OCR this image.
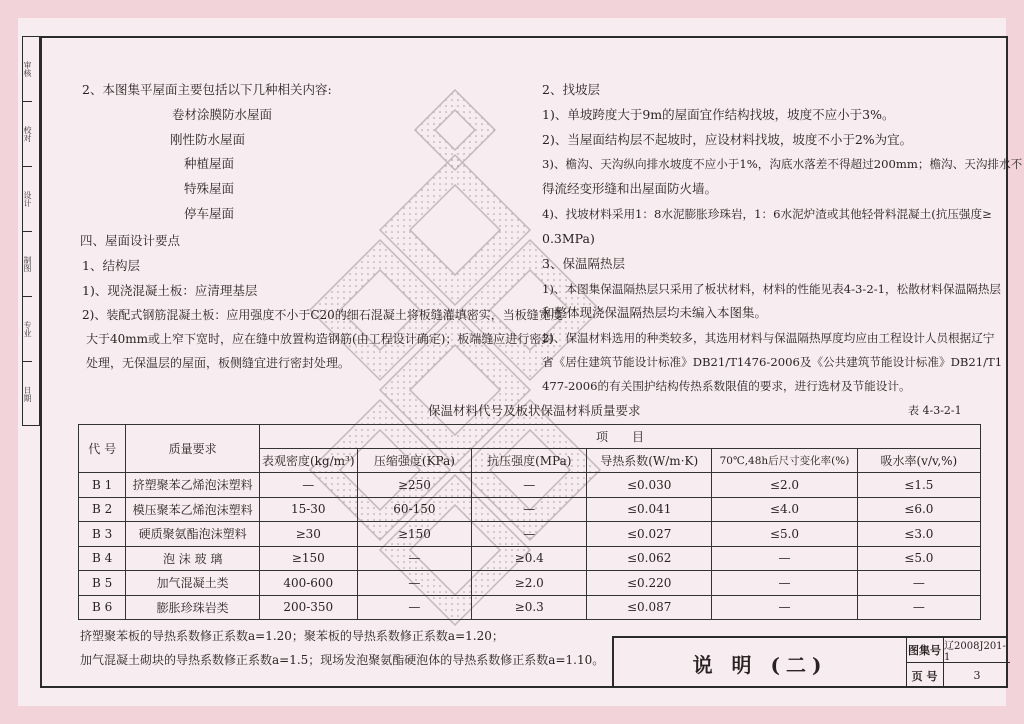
审核
校对
设计
制图
专业
日期
2、本图集平屋面主要包括以下几种相关内容:
卷材涂膜防水屋面
刚性防水屋面
种植屋面
特殊屋面
停车屋面
四、屋面设计要点
1、结构层
1)、现浇混凝土板：应清理基层
2)、装配式钢筋混凝土板：应用强度不小于C20的细石混凝土将板缝灌填密实，当板缝宽度
大于40mm或上窄下宽时，应在缝中放置构造钢筋(由工程设计确定)；板端缝应进行密封
处理，无保温层的屋面，板侧缝宜进行密封处理。
2、找坡层
1)、单坡跨度大于9m的屋面宜作结构找坡，坡度不应小于3%。
2)、当屋面结构层不起坡时，应设材料找坡，坡度不小于2%为宜。
3)、檐沟、天沟纵向排水坡度不应小于1%，沟底水落差不得超过200mm；檐沟、天沟排水不
得流经变形缝和出屋面防火墙。
4)、找坡材料采用1：8水泥膨胀珍珠岩，1：6水泥炉渣或其他轻骨料混凝土(抗压强度≥
0.3MPa)
3、保温隔热层
1)、本图集保温隔热层只采用了板状材料，材料的性能见表4-3-2-1，松散材料保温隔热层
和整体现浇保温隔热层均未编入本图集。
2)、保温材料选用的种类较多，其选用材料与保温隔热厚度均应由工程设计人员根据辽宁
省《居住建筑节能设计标准》DB21/T1476-2006及《公共建筑节能设计标准》DB21/T1
477-2006的有关围护结构传热系数限值的要求，进行选材及节能设计。
保温材料代号及板状保温材料质量要求	表 4-3-2-1
代 号	质量要求	项　　目					
		表观密度(kg/m³)	压缩强度(KPa)	抗压强度(MPa)	导热系数(W/m·K)	70℃,48h后尺寸变化率(%)	吸水率(v/v,%)
B 1	挤塑聚苯乙烯泡沫塑料	—	≥250	—	≤0.030	≤2.0	≤1.5
B 2	模压聚苯乙烯泡沫塑料	15-30	60-150	—	≤0.041	≤4.0	≤6.0
B 3	硬质聚氨酯泡沫塑料	≥30	≥150	—	≤0.027	≤5.0	≤3.0
B 4	泡 沫 玻 璃	≥150	—	≥0.4	≤0.062	—	≤5.0
B 5	加气混凝土类	400-600	—	≥2.0	≤0.220	—	—
B 6	膨胀珍珠岩类	200-350	—	≥0.3	≤0.087	—	—
挤塑聚苯板的导热系数修正系数a=1.20；聚苯板的导热系数修正系数a=1.20；
加气混凝土砌块的导热系数修正系数a=1.5；现场发泡聚氨酯硬泡体的导热系数修正系数a=1.10。	说 明 (二)
图集号 辽2008J201-1
页 号	3
